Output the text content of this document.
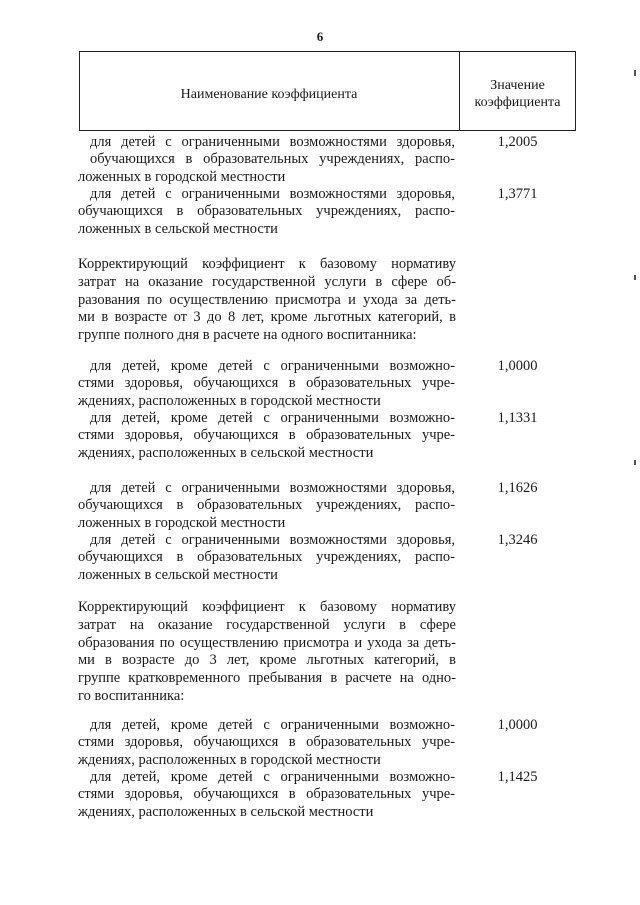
6
Наименование коэффициента
Значение
коэффициента
для детей с ограниченными возможностями здоровья,
обучающихся в образовательных учреждениях, распо-
ложенных в городской местности
1,2005
для детей с ограниченными возможностями здоровья,
обучающихся в образовательных учреждениях, распо-
ложенных в сельской местности
1,3771
Корректирующий коэффициент к базовому нормативу
затрат на оказание государственной услуги в сфере об-
разования по осуществлению присмотра и ухода за деть-
ми в возрасте от 3 до 8 лет, кроме льготных категорий, в
группе полного дня в расчете на одного воспитанника:
для детей, кроме детей с ограниченными возможно-
стями здоровья, обучающихся в образовательных учре-
ждениях, расположенных в городской местности
1,0000
для детей, кроме детей с ограниченными возможно-
стями здоровья, обучающихся в образовательных учре-
ждениях, расположенных в сельской местности
1,1331
для детей с ограниченными возможностями здоровья,
обучающихся в образовательных учреждениях, распо-
ложенных в городской местности
1,1626
для детей с ограниченными возможностями здоровья,
обучающихся в образовательных учреждениях, распо-
ложенных в сельской местности
1,3246
Корректирующий коэффициент к базовому нормативу
затрат на оказание государственной услуги в сфере
образования по осуществлению присмотра и ухода за деть-
ми в возрасте до 3 лет, кроме льготных категорий, в
группе кратковременного пребывания в расчете на одно-
го воспитанника:
для детей, кроме детей с ограниченными возможно-
стями здоровья, обучающихся в образовательных учре-
ждениях, расположенных в городской местности
1,0000
для детей, кроме детей с ограниченными возможно-
стями здоровья, обучающихся в образовательных учре-
ждениях, расположенных в сельской местности
1,1425
